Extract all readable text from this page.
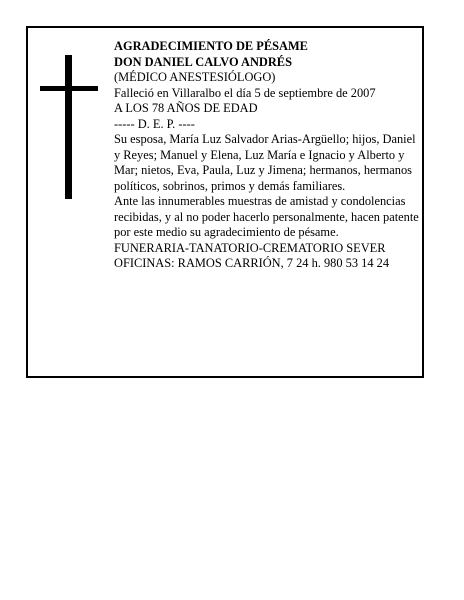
AGRADECIMIENTO DE PÉSAME

DON DANIEL CALVO ANDRÉS

(MÉDICO ANESTESIÓLOGO)

Falleció en Villaralbo el día 5 de septiembre de 2007

A LOS 78 AÑOS DE EDAD

----- D. E. P. ----

Su esposa, María Luz Salvador Arias-Argüello; hijos, Daniel y Reyes; Manuel y Elena, Luz María e Ignacio y Alberto y Mar; nietos, Eva, Paula, Luz y Jimena; hermanos, hermanos políticos, sobrinos, primos y demás familiares.

Ante las innumerables muestras de amistad y condolencias recibidas, y al no poder hacerlo personalmente, hacen patente por este medio su agradecimiento de pésame.

FUNERARIA-TANATORIO-CREMATORIO SEVER

OFICINAS: RAMOS CARRIÓN, 7 24 h. 980 53 14 24
